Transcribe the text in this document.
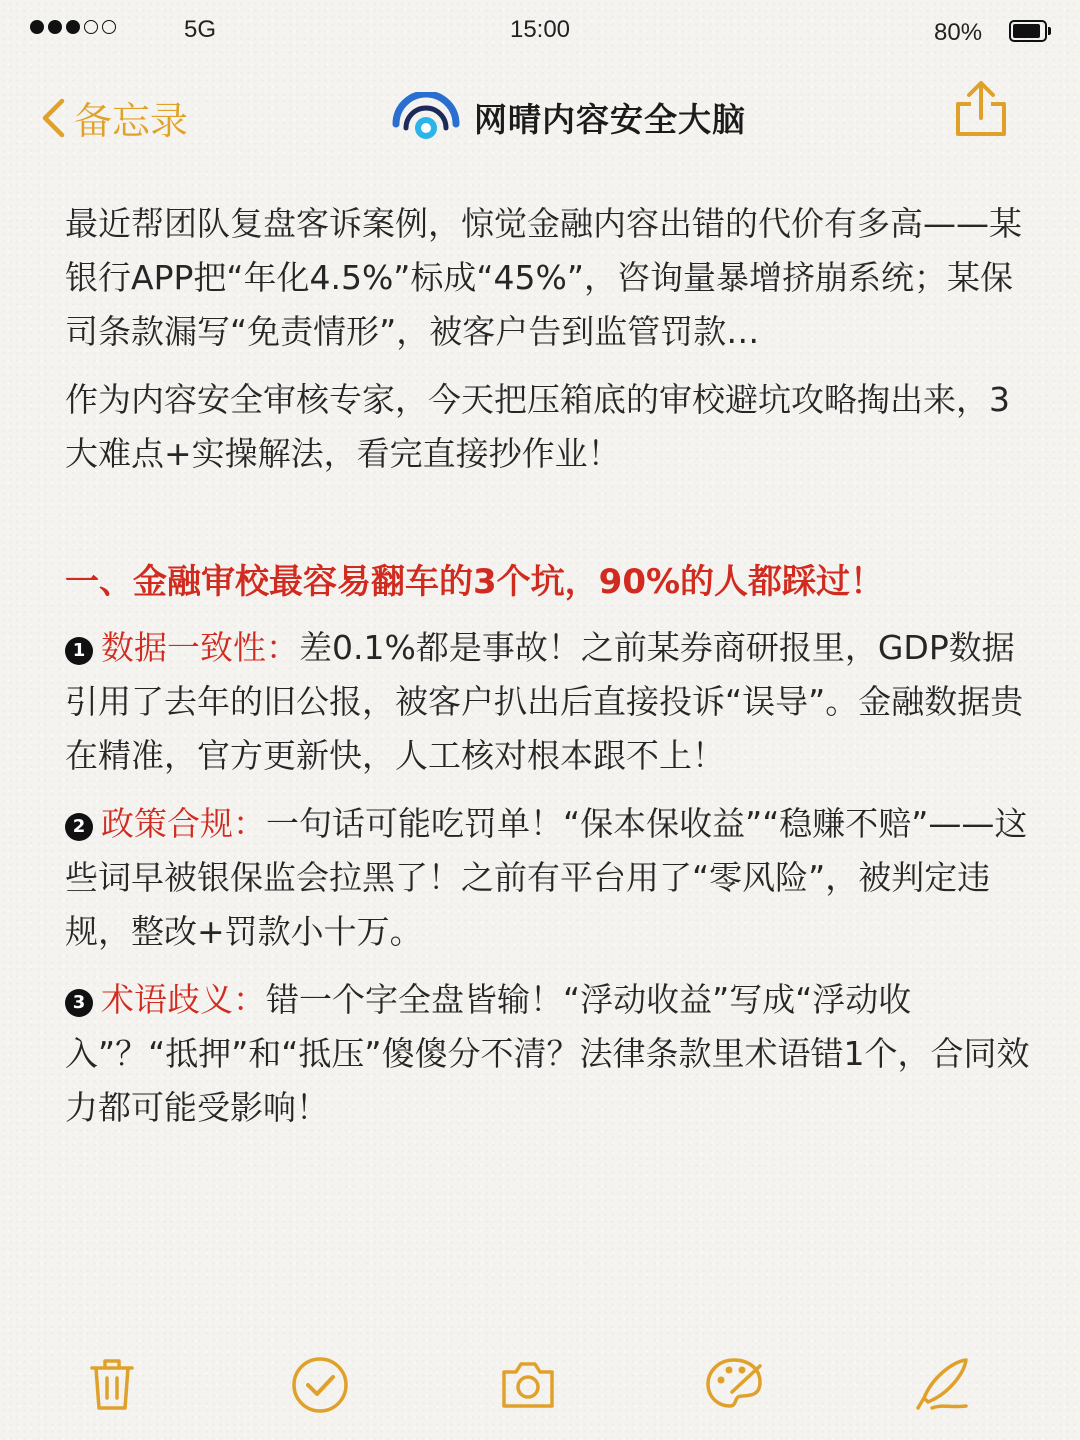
5G	15:00	80%
备忘录	网晴内容安全大脑

最近帮团队复盘客诉案例，惊觉金融内容出错的代价有多高——某银行APP把“年化4.5%”标成“45%”，咨询量暴增挤崩系统；某保司条款漏写“免责情形”，被客户告到监管罚款…

作为内容安全审核专家，今天把压箱底的审校避坑攻略掏出来，3大难点+实操解法，看完直接抄作业！

一、金融审校最容易翻车的3个坑，90%的人都踩过！

1 数据一致性：差0.1%都是事故！之前某券商研报里，GDP数据引用了去年的旧公报，被客户扒出后直接投诉“误导”。金融数据贵在精准，官方更新快，人工核对根本跟不上！

2 政策合规：一句话可能吃罚单！“保本保收益”“稳赚不赔”——这些词早被银保监会拉黑了！之前有平台用了“零风险”，被判定违规，整改+罚款小十万。

3 术语歧义：错一个字全盘皆输！“浮动收益”写成“浮动收入”？“抵押”和“抵压”傻傻分不清？法律条款里术语错1个，合同效力都可能受影响！
